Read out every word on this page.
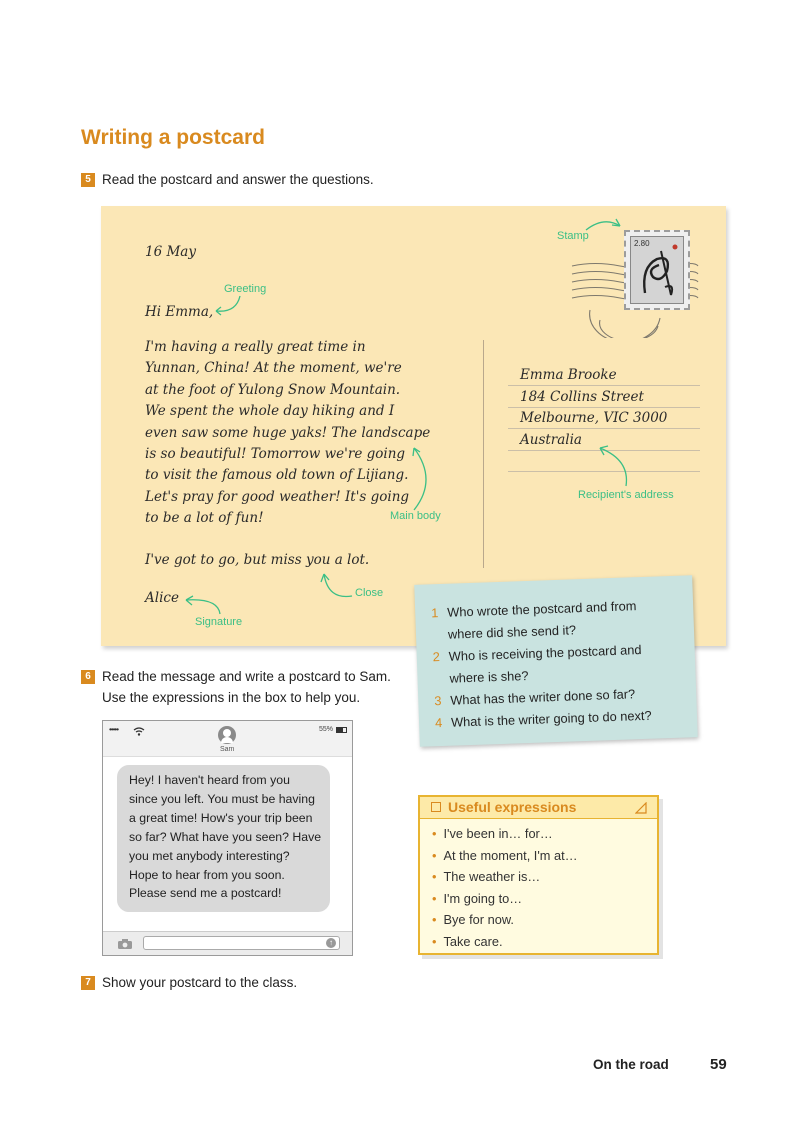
Writing a postcard
5 Read the postcard and answer the questions.
16 May
Greeting
Hi Emma,
I'm having a really great time in
Yunnan, China! At the moment, we're
at the foot of Yulong Snow Mountain.
We spent the whole day hiking and I
even saw some huge yaks! The landscape
is so beautiful! Tomorrow we're going
to visit the famous old town of Lijiang.
Let's pray for good weather! It's going
to be a lot of fun!	Main body
I've got to go, but miss you a lot.
Close
Alice
Signature
Stamp
2.80
Emma Brooke
184 Collins Street
Melbourne, VIC 3000
Australia
Recipient's address
1 Who wrote the postcard and from
where did she send it?
2 Who is receiving the postcard and
where is she?
3 What has the writer done so far?
4 What is the writer going to do next?
6 Read the message and write a postcard to Sam.
Use the expressions in the box to help you.
•••••	55%
Sam
↑
Hey! I haven't heard from you
since you left. You must be having
a great time! How's your trip been
so far? What have you seen? Have
you met anybody interesting?
Hope to hear from you soon.
Please send me a postcard!
Useful expressions
• I've been in… for…
• At the moment, I'm at…
• The weather is…
• I'm going to…
• Bye for now.
• Take care.
7 Show your postcard to the class.
On the road	59
